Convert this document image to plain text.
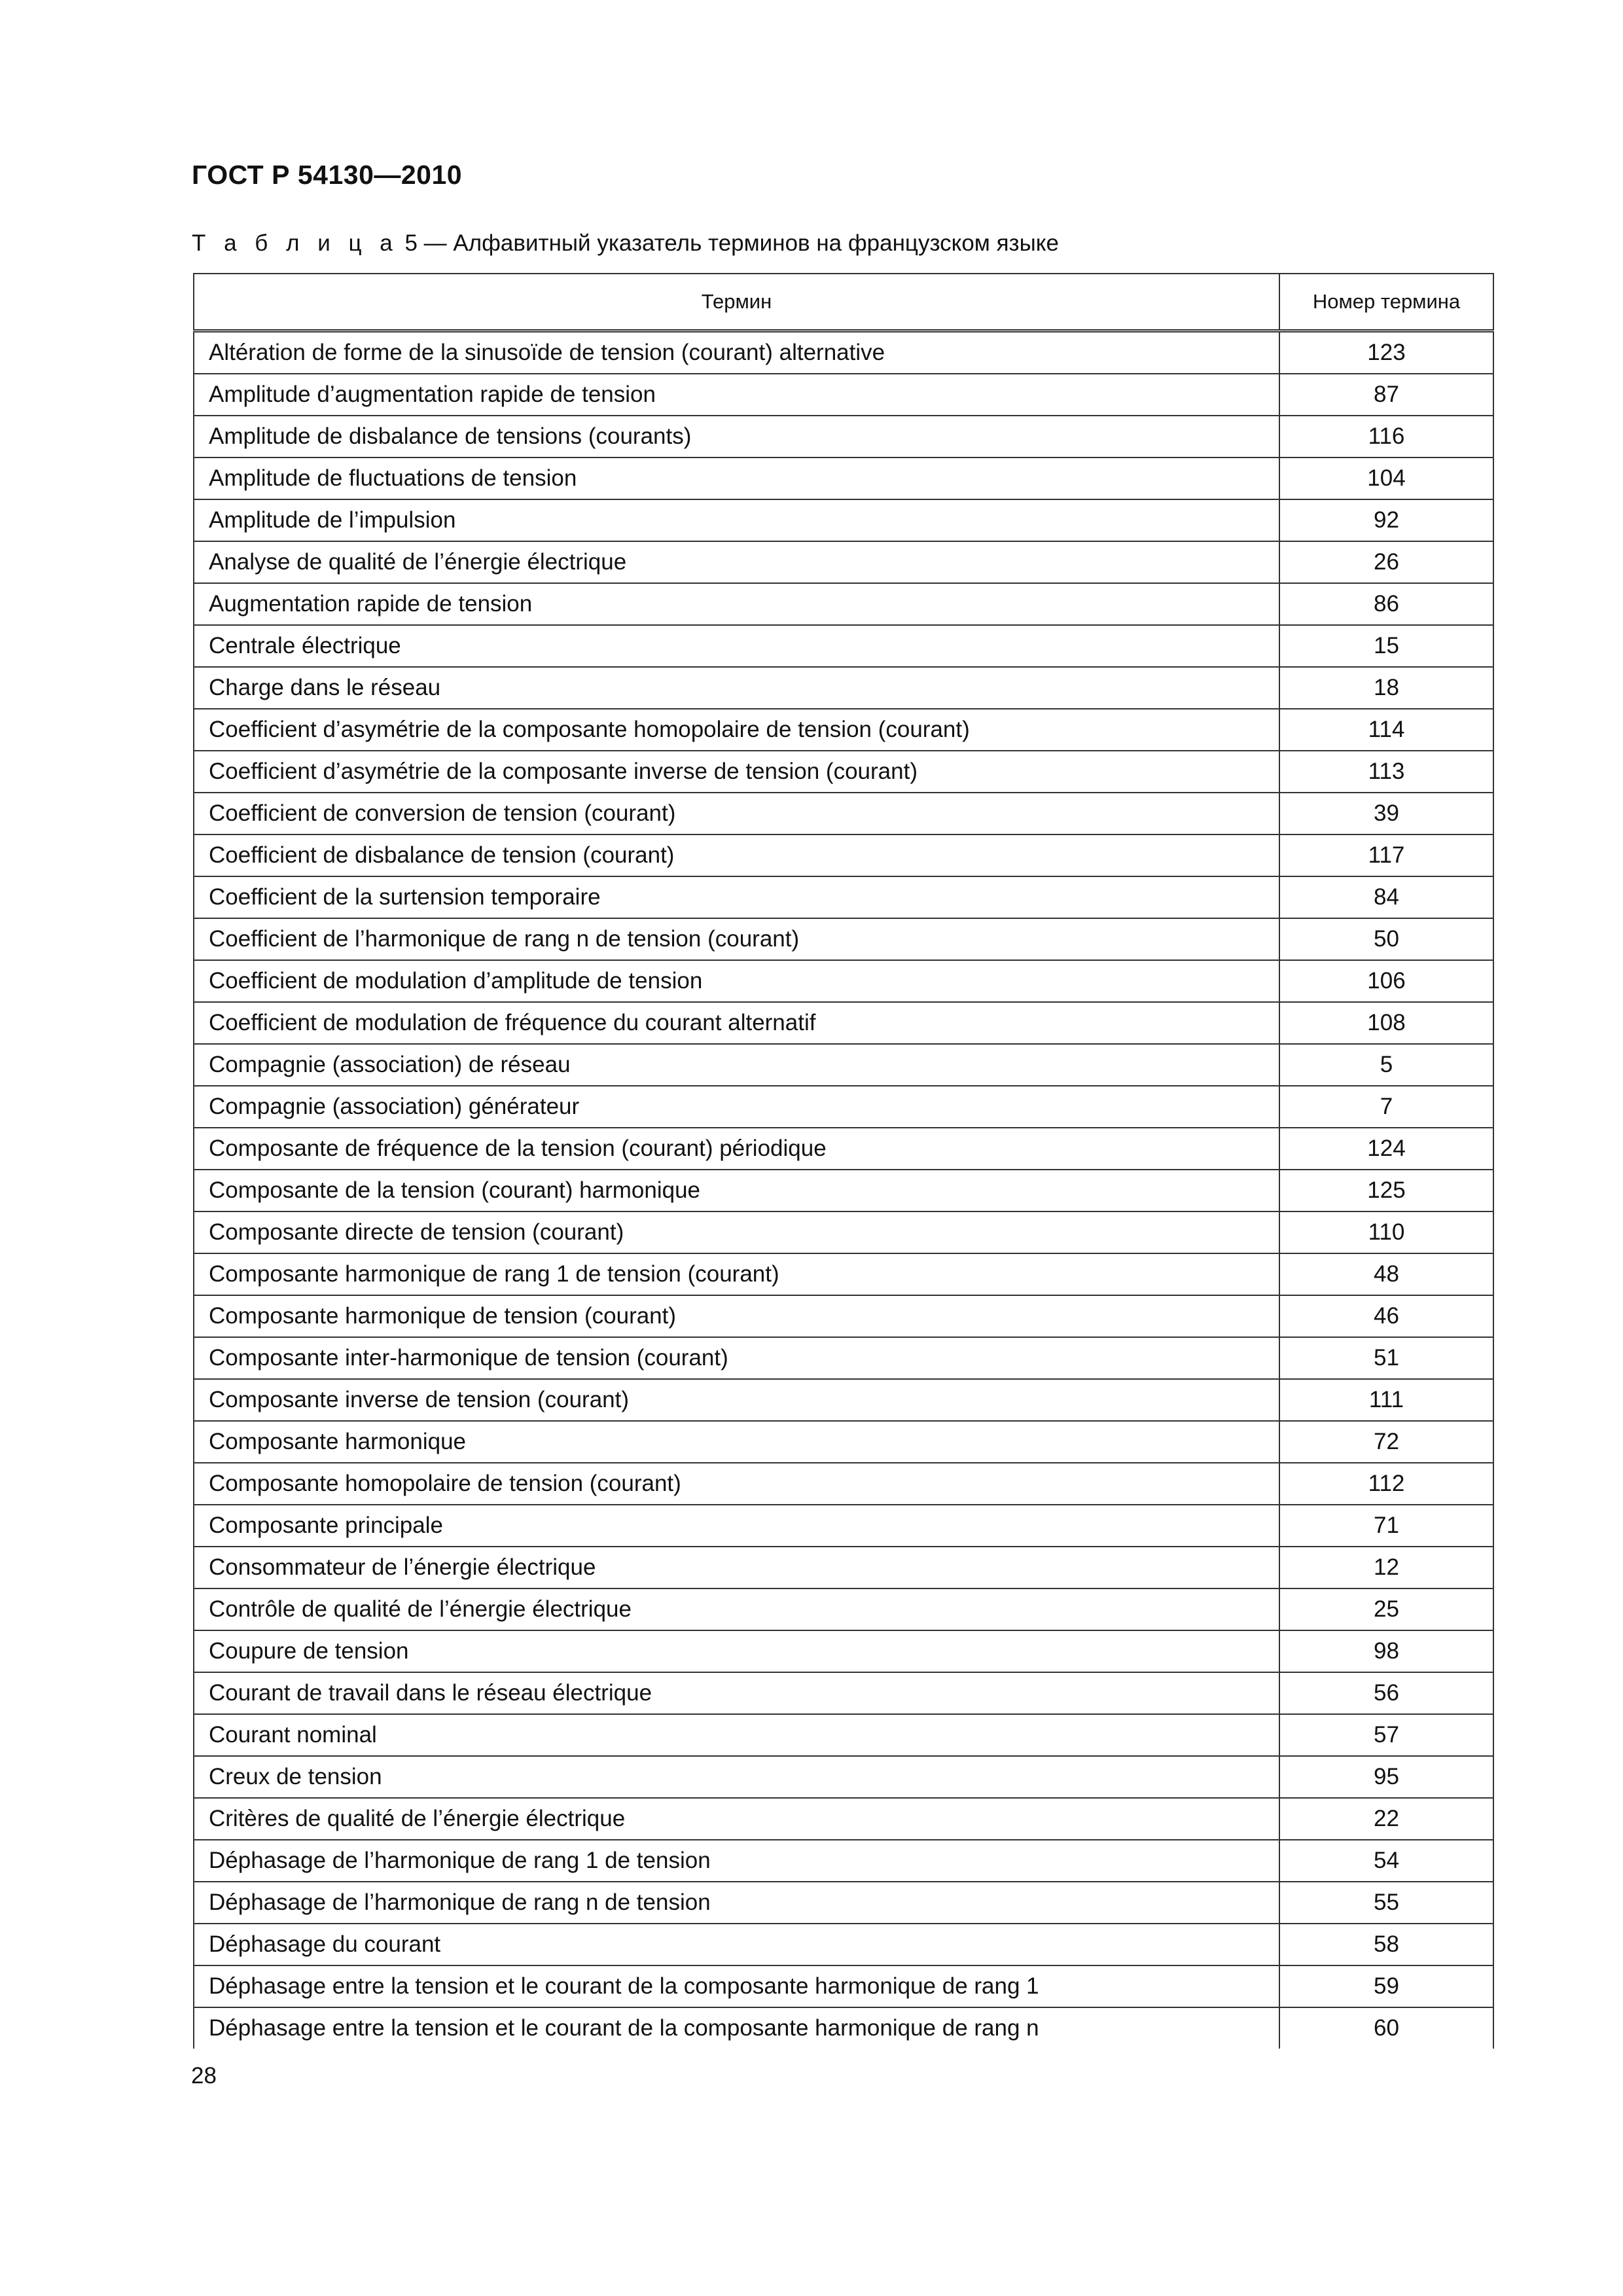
ГОСТ Р 54130—2010
Т а б л и ц а 5 — Алфавитный указатель терминов на французском языке
Термин	Номер термина
Altération de forme de la sinusoïde de tension (courant) alternative	123
Amplitude d’augmentation rapide de tension	87
Amplitude de disbalance de tensions (courants)	116
Amplitude de fluctuations de tension	104
Amplitude de l’impulsion	92
Analyse de qualité de l’énergie électrique	26
Augmentation rapide de tension	86
Centrale électrique	15
Charge dans le réseau	18
Coefficient d’asymétrie de la composante homopolaire de tension (courant)	114
Coefficient d’asymétrie de la composante inverse de tension (courant)	113
Coefficient de conversion de tension (courant)	39
Coefficient de disbalance de tension (courant)	117
Coefficient de la surtension temporaire	84
Coefficient de l’harmonique de rang n de tension (courant)	50
Coefficient de modulation d’amplitude de tension	106
Coefficient de modulation de fréquence du courant alternatif	108
Compagnie (association) de réseau	5
Compagnie (association) générateur	7
Composante de fréquence de la tension (courant) périodique	124
Composante de la tension (courant) harmonique	125
Composante directe de tension (courant)	110
Composante harmonique de rang 1 de tension (courant)	48
Composante harmonique de tension (courant)	46
Composante inter-harmonique de tension (courant)	51
Composante inverse de tension (courant)	111
Composante harmonique	72
Composante homopolaire de tension (courant)	112
Composante principale	71
Consommateur de l’énergie électrique	12
Contrôle de qualité de l’énergie électrique	25
Coupure de tension	98
Courant de travail dans le réseau électrique	56
Courant nominal	57
Creux de tension	95
Critères de qualité de l’énergie électrique	22
Déphasage de l’harmonique de rang 1 de tension	54
Déphasage de l’harmonique de rang n de tension	55
Déphasage du courant	58
Déphasage entre la tension et le courant de la composante harmonique de rang 1	59
Déphasage entre la tension et le courant de la composante harmonique de rang n	60
28
